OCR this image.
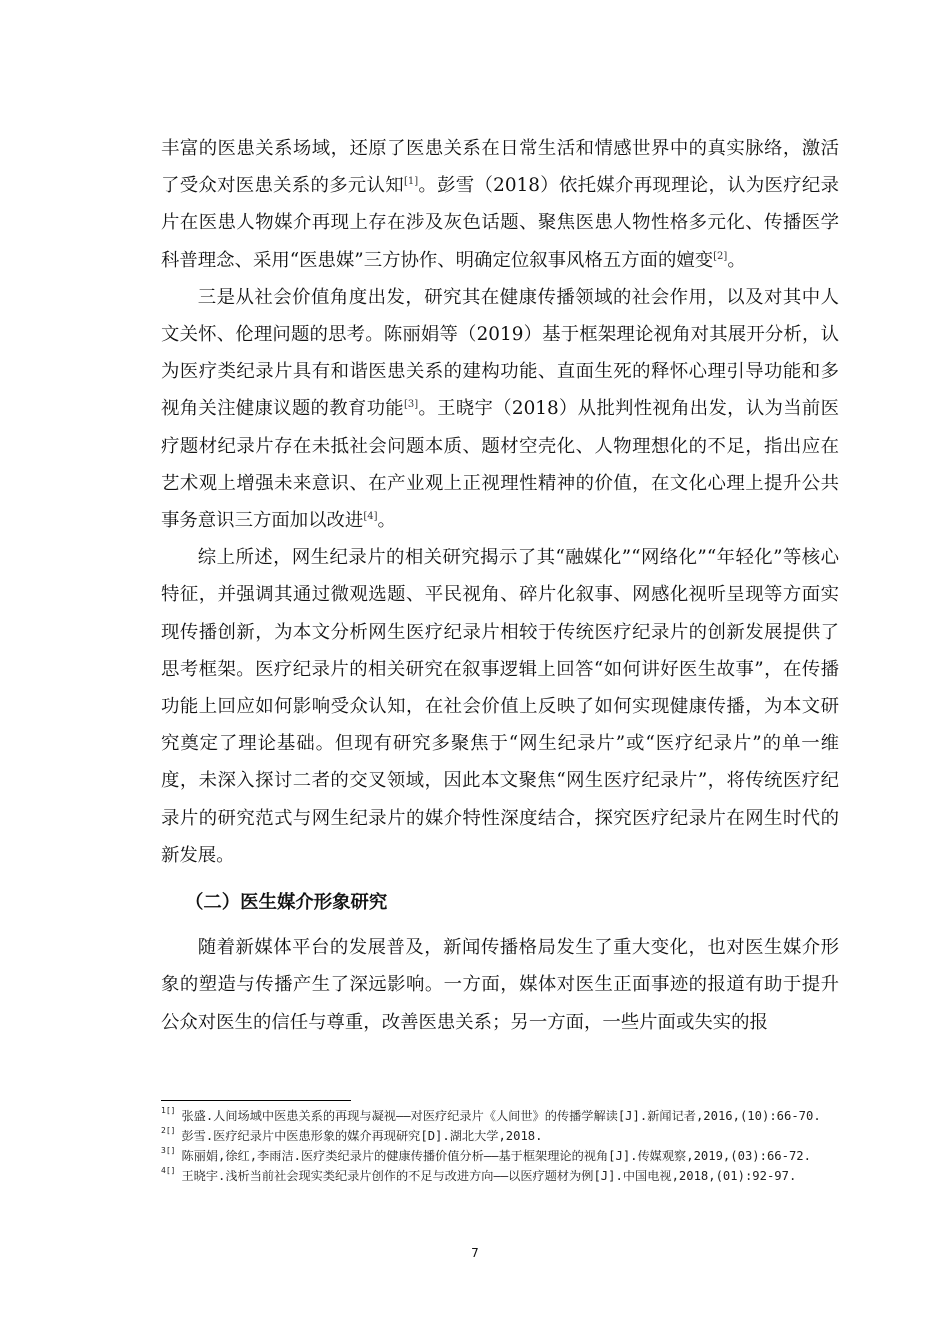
丰富的医患关系场域，还原了医患关系在日常生活和情感世界中的真实脉络，激活了受众对医患关系的多元认知[1]。彭雪（2018）依托媒介再现理论，认为医疗纪录片在医患人物媒介再现上存在涉及灰色话题、聚焦医患人物性格多元化、传播医学科普理念、采用“医患媒”三方协作、明确定位叙事风格五方面的嬗变[2]。

三是从社会价值角度出发，研究其在健康传播领域的社会作用，以及对其中人文关怀、伦理问题的思考。陈丽娟等（2019）基于框架理论视角对其展开分析，认为医疗类纪录片具有和谐医患关系的建构功能、直面生死的释怀心理引导功能和多视角关注健康议题的教育功能[3]。王晓宇（2018）从批判性视角出发，认为当前医疗题材纪录片存在未抵社会问题本质、题材空壳化、人物理想化的不足，指出应在艺术观上增强未来意识、在产业观上正视理性精神的价值，在文化心理上提升公共事务意识三方面加以改进[4]。

综上所述，网生纪录片的相关研究揭示了其“融媒化”“网络化”“年轻化”等核心特征，并强调其通过微观选题、平民视角、碎片化叙事、网感化视听呈现等方面实现传播创新，为本文分析网生医疗纪录片相较于传统医疗纪录片的创新发展提供了思考框架。医疗纪录片的相关研究在叙事逻辑上回答“如何讲好医生故事”，在传播功能上回应如何影响受众认知，在社会价值上反映了如何实现健康传播，为本文研究奠定了理论基础。但现有研究多聚焦于“网生纪录片”或“医疗纪录片”的单一维度，未深入探讨二者的交叉领域，因此本文聚焦“网生医疗纪录片”，将传统医疗纪录片的研究范式与网生纪录片的媒介特性深度结合，探究医疗纪录片在网生时代的新发展。

（二）医生媒介形象研究

随着新媒体平台的发展普及，新闻传播格局发生了重大变化，也对医生媒介形象的塑造与传播产生了深远影响。一方面，媒体对医生正面事迹的报道有助于提升公众对医生的信任与尊重，改善医患关系；另一方面，一些片面或失实的报

1[] 张盛.人间场域中医患关系的再现与凝视——对医疗纪录片《人间世》的传播学解读[J].新闻记者,2016,(10):66-70.
2[] 彭雪.医疗纪录片中医患形象的媒介再现研究[D].湖北大学,2018.
3[] 陈丽娟,徐红,李雨洁.医疗类纪录片的健康传播价值分析——基于框架理论的视角[J].传媒观察,2019,(03):66-72.
4[] 王晓宇.浅析当前社会现实类纪录片创作的不足与改进方向——以医疗题材为例[J].中国电视,2018,(01):92-97.
7
